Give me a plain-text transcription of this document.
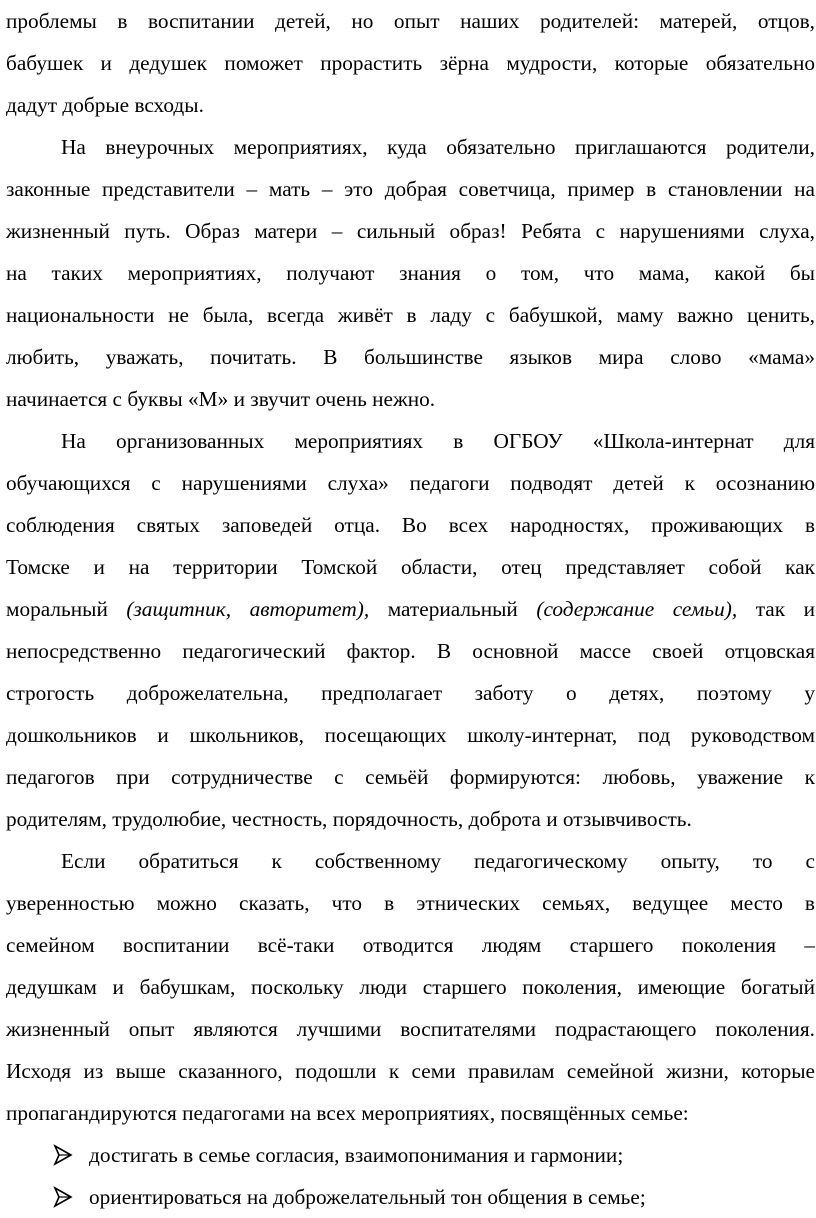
проблемы в воспитании детей, но опыт наших родителей: матерей, отцов,
бабушек и дедушек поможет прорастить зёрна мудрости, которые обязательно
дадут добрые всходы.
На внеурочных мероприятиях, куда обязательно приглашаются родители,
законные представители – мать – это добрая советчица, пример в становлении на
жизненный путь. Образ матери – сильный образ! Ребята с нарушениями слуха,
на таких мероприятиях, получают знания о том, что мама, какой бы
национальности не была, всегда живёт в ладу с бабушкой, маму важно ценить,
любить, уважать, почитать. В большинстве языков мира слово «мама»
начинается с буквы «М» и звучит очень нежно.
На организованных мероприятиях в ОГБОУ «Школа-интернат для
обучающихся с нарушениями слуха» педагоги подводят детей к осознанию
соблюдения святых заповедей отца. Во всех народностях, проживающих в
Томске и на территории Томской области, отец представляет собой как
моральный (защитник, авторитет), материальный (содержание семьи), так и
непосредственно педагогический фактор. В основной массе своей отцовская
строгость доброжелательна, предполагает заботу о детях, поэтому у
дошкольников и школьников, посещающих школу-интернат, под руководством
педагогов при сотрудничестве с семьёй формируются: любовь, уважение к
родителям, трудолюбие, честность, порядочность, доброта и отзывчивость.
Если обратиться к собственному педагогическому опыту, то с
уверенностью можно сказать, что в этнических семьях, ведущее место в
семейном воспитании всё-таки отводится людям старшего поколения –
дедушкам и бабушкам, поскольку люди старшего поколения, имеющие богатый
жизненный опыт являются лучшими воспитателями подрастающего поколения.
Исходя из выше сказанного, подошли к семи правилам семейной жизни, которые
пропагандируются педагогами на всех мероприятиях, посвящённых семье:
достигать в семье согласия, взаимопонимания и гармонии;
ориентироваться на доброжелательный тон общения в семье;
